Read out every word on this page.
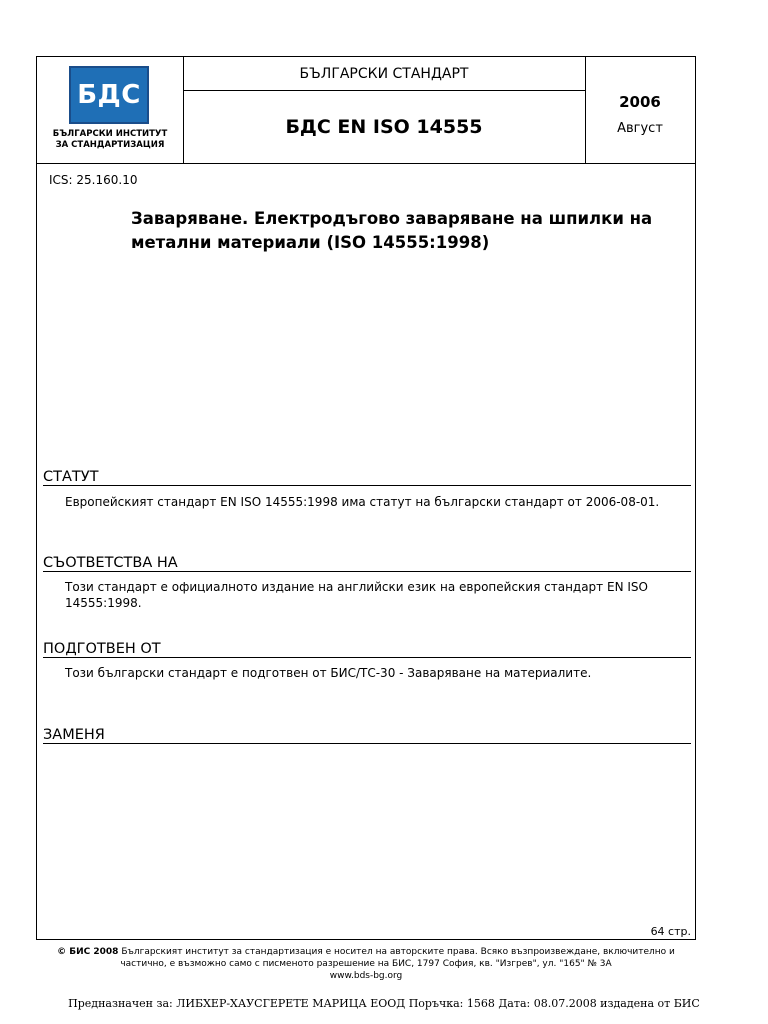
БДС
БЪЛГАРСКИ ИНСТИТУТ
ЗА СТАНДАРТИЗАЦИЯ
БЪЛГАРСКИ СТАНДАРТ
БДС EN ISO 14555
2006
Август
ICS: 25.160.10
Заваряване. Електродъгово заваряване на шпилки на
метални материали (ISO 14555:1998)
СТАТУТ
Европейският стандарт EN ISO 14555:1998 има статут на български стандарт от 2006-08-01.
СЪОТВЕТСТВА НА
Този стандарт е официалното издание на английски език на европейския стандарт EN ISO 14555:1998.
ПОДГОТВЕН ОТ
Този български стандарт е подготвен от БИС/ТС-30 - Заваряване на материалите.
ЗАМЕНЯ
64 стр.
© БИС 2008 Българският институт за стандартизация е носител на авторските права. Всяко възпроизвеждане, включително и
частично, е възможно само с писменото разрешение на БИС, 1797 София, кв. "Изгрев", ул. "165" № 3А
www.bds-bg.org
Предназначен за: ЛИБХЕР-ХАУСГЕРЕТЕ МАРИЦА ЕООД Поръчка: 1568 Дата: 08.07.2008 издадена от БИС
